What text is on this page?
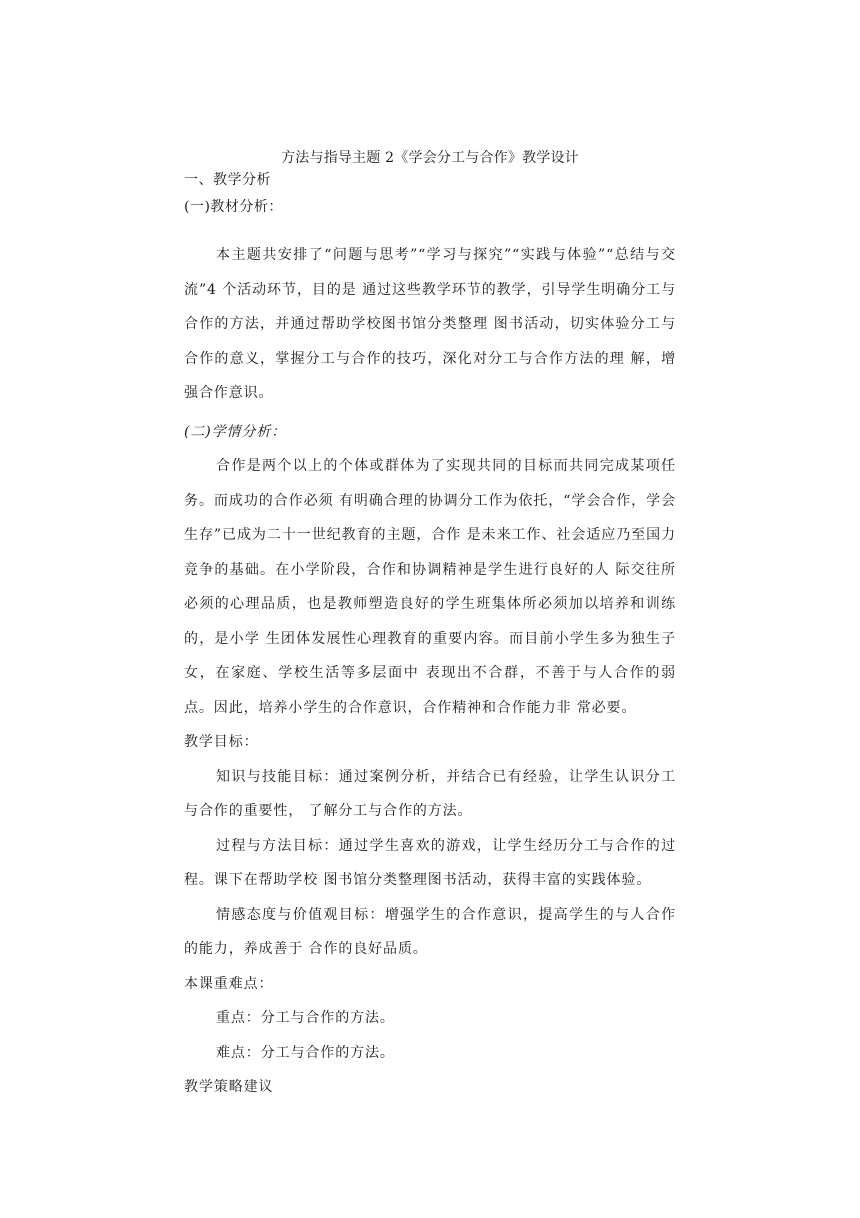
方法与指导主题 2《学会分工与合作》教学设计

一、教学分析

(一)教材分析：

本主题共安排了“问题与思考”“学习与探究”“实践与体验”“总结与交流”4 个活动环节，目的是 通过这些教学环节的教学，引导学生明确分工与合作的方法，并通过帮助学校图书馆分类整理 图书活动，切实体验分工与合作的意义，掌握分工与合作的技巧，深化对分工与合作方法的理 解，增强合作意识。

(二)学情分析：

合作是两个以上的个体或群体为了实现共同的目标而共同完成某项任务。而成功的合作必须 有明确合理的协调分工作为依托，“学会合作，学会生存”已成为二十一世纪教育的主题，合作 是未来工作、社会适应乃至国力竞争的基础。在小学阶段，合作和协调精神是学生进行良好的人 际交往所必须的心理品质，也是教师塑造良好的学生班集体所必须加以培养和训练的，是小学 生团体发展性心理教育的重要内容。而目前小学生多为独生子女，在家庭、学校生活等多层面中 表现出不合群，不善于与人合作的弱点。因此，培养小学生的合作意识，合作精神和合作能力非 常必要。

教学目标：

知识与技能目标：通过案例分析，并结合已有经验，让学生认识分工与合作的重要性， 了解分工与合作的方法。

过程与方法目标：通过学生喜欢的游戏，让学生经历分工与合作的过程。课下在帮助学校 图书馆分类整理图书活动，获得丰富的实践体验。

情感态度与价值观目标：增强学生的合作意识，提高学生的与人合作的能力，养成善于 合作的良好品质。

本课重难点：

重点：分工与合作的方法。

难点：分工与合作的方法。

教学策略建议
